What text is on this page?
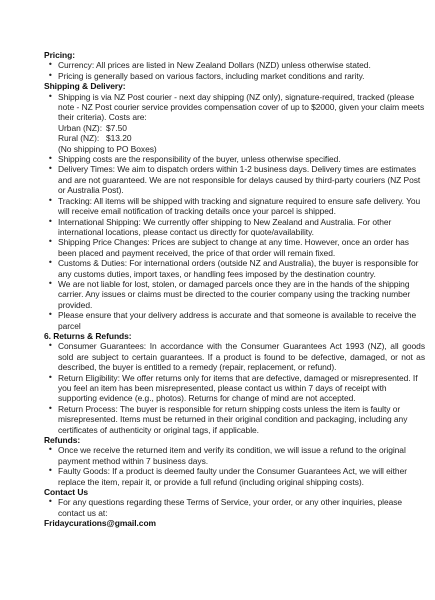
Pricing:
• Currency: All prices are listed in New Zealand Dollars (NZD) unless otherwise stated.
• Pricing is generally based on various factors, including market conditions and rarity.
Shipping & Delivery:
• Shipping is via NZ Post courier - next day shipping (NZ only), signature-required, tracked (please note - NZ Post courier service provides compensation cover of up to $2000, given your claim meets their criteria). Costs are:
Urban (NZ): $7.50
Rural (NZ): $13.20
(No shipping to PO Boxes)
• Shipping costs are the responsibility of the buyer, unless otherwise specified.
• Delivery Times: We aim to dispatch orders within 1-2 business days. Delivery times are estimates and are not guaranteed. We are not responsible for delays caused by third-party couriers (NZ Post or Australia Post).
• Tracking: All items will be shipped with tracking and signature required to ensure safe delivery. You will receive email notification of tracking details once your parcel is shipped.
• International Shipping: We currently offer shipping to New Zealand and Australia. For other international locations, please contact us directly for quote/availability.
• Shipping Price Changes: Prices are subject to change at any time. However, once an order has been placed and payment received, the price of that order will remain fixed.
• Customs & Duties: For international orders (outside NZ and Australia), the buyer is responsible for any customs duties, import taxes, or handling fees imposed by the destination country.
• We are not liable for lost, stolen, or damaged parcels once they are in the hands of the shipping carrier. Any issues or claims must be directed to the courier company using the tracking number provided.
• Please ensure that your delivery address is accurate and that someone is available to receive the parcel
6. Returns & Refunds:
• Consumer Guarantees: In accordance with the Consumer Guarantees Act 1993 (NZ), all goods sold are subject to certain guarantees. If a product is found to be defective, damaged, or not as described, the buyer is entitled to a remedy (repair, replacement, or refund).
• Return Eligibility: We offer returns only for items that are defective, damaged or misrepresented. If you feel an item has been misrepresented, please contact us within 7 days of receipt with supporting evidence (e.g., photos). Returns for change of mind are not accepted.
• Return Process: The buyer is responsible for return shipping costs unless the item is faulty or misrepresented. Items must be returned in their original condition and packaging, including any certificates of authenticity or original tags, if applicable.
Refunds:
• Once we receive the returned item and verify its condition, we will issue a refund to the original payment method within 7 business days.
• Faulty Goods: If a product is deemed faulty under the Consumer Guarantees Act, we will either replace the item, repair it, or provide a full refund (including original shipping costs).
Contact Us
• For any questions regarding these Terms of Service, your order, or any other inquiries, please contact us at:
Fridaycurations@gmail.com
